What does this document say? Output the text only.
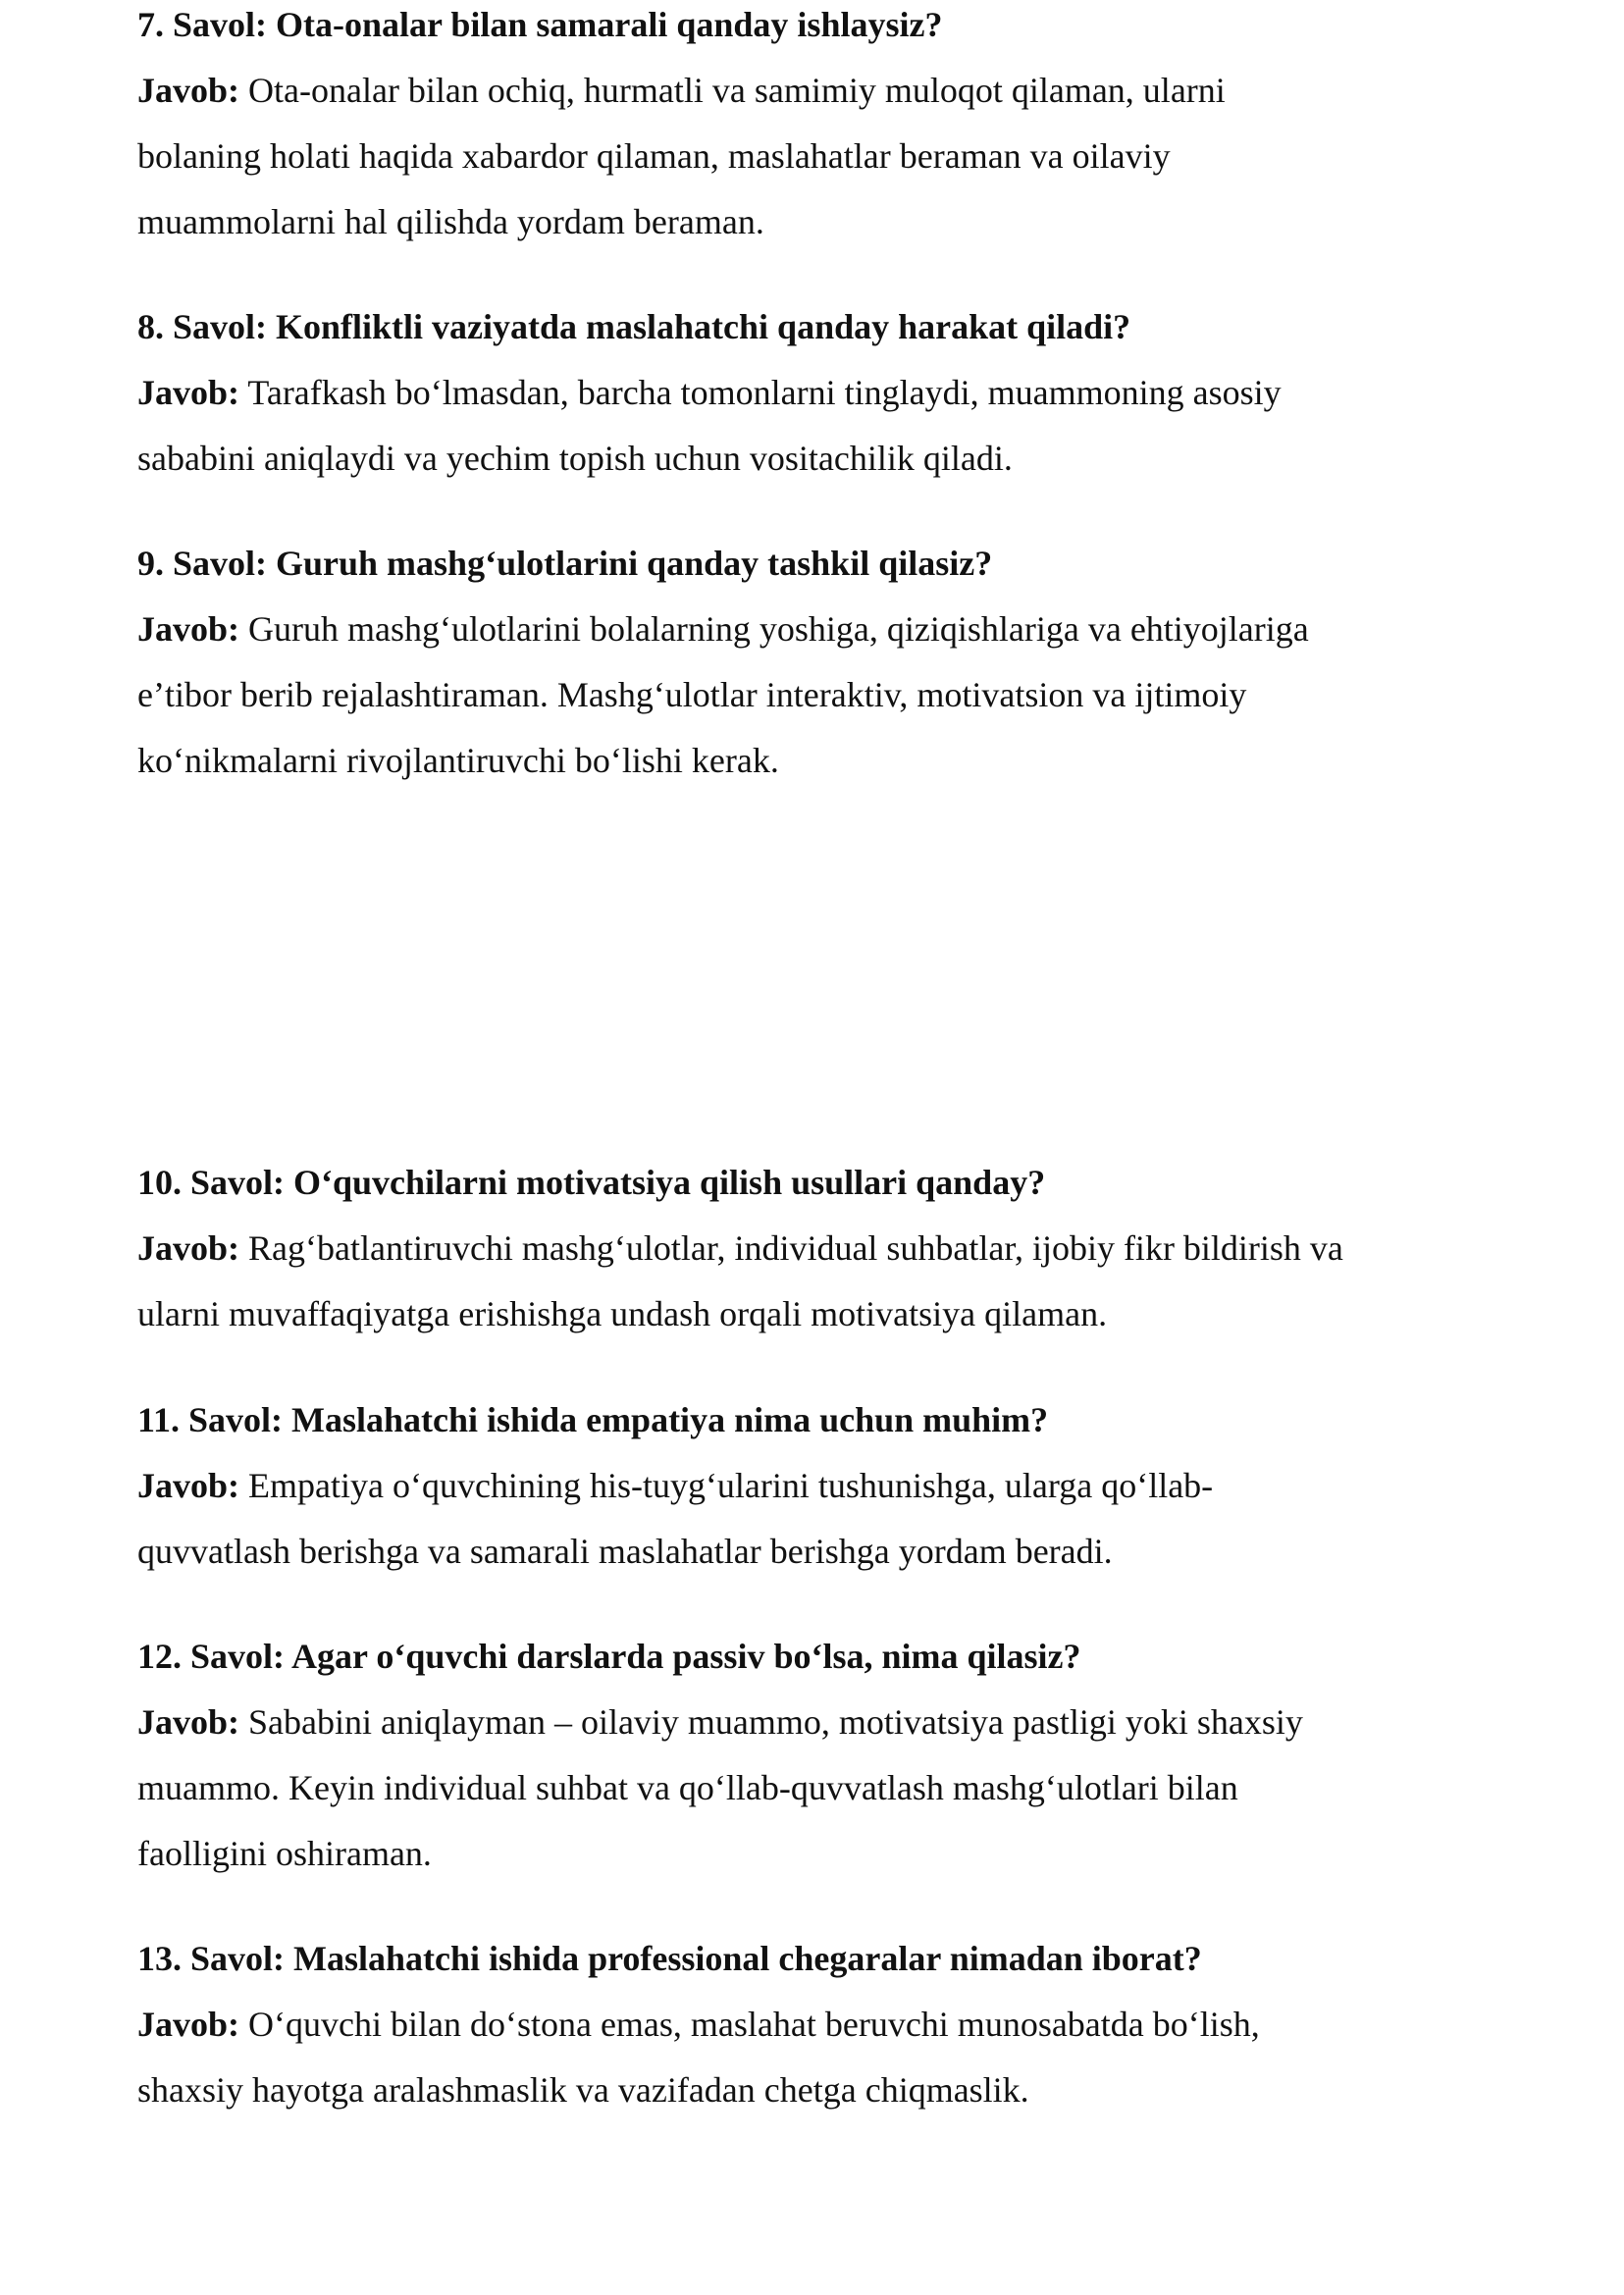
7. Savol: Ota-onalar bilan samarali qanday ishlaysiz?

Javob: Ota-onalar bilan ochiq, hurmatli va samimiy muloqot qilaman, ularni

bolaning holati haqida xabardor qilaman, maslahatlar beraman va oilaviy

muammolarni hal qilishda yordam beraman.

8. Savol: Konfliktli vaziyatda maslahatchi qanday harakat qiladi?

Javob: Tarafkash boʻlmasdan, barcha tomonlarni tinglaydi, muammoning asosiy

sababini aniqlaydi va yechim topish uchun vositachilik qiladi.

9. Savol: Guruh mashgʻulotlarini qanday tashkil qilasiz?

Javob: Guruh mashgʻulotlarini bolalarning yoshiga, qiziqishlariga va ehtiyojlariga

eʼtibor berib rejalashtiraman. Mashgʻulotlar interaktiv, motivatsion va ijtimoiy

koʻnikmalarni rivojlantiruvchi boʻlishi kerak.

10. Savol: Oʻquvchilarni motivatsiya qilish usullari qanday?

Javob: Ragʻbatlantiruvchi mashgʻulotlar, individual suhbatlar, ijobiy fikr bildirish va

ularni muvaffaqiyatga erishishga undash orqali motivatsiya qilaman.

11. Savol: Maslahatchi ishida empatiya nima uchun muhim?

Javob: Empatiya oʻquvchining his-tuygʻularini tushunishga, ularga qoʻllab-

quvvatlash berishga va samarali maslahatlar berishga yordam beradi.

12. Savol: Agar oʻquvchi darslarda passiv boʻlsa, nima qilasiz?

Javob: Sababini aniqlayman – oilaviy muammo, motivatsiya pastligi yoki shaxsiy

muammo. Keyin individual suhbat va qoʻllab-quvvatlash mashgʻulotlari bilan

faolligini oshiraman.

13. Savol: Maslahatchi ishida professional chegaralar nimadan iborat?

Javob: Oʻquvchi bilan doʻstona emas, maslahat beruvchi munosabatda boʻlish,

shaxsiy hayotga aralashmaslik va vazifadan chetga chiqmaslik.
